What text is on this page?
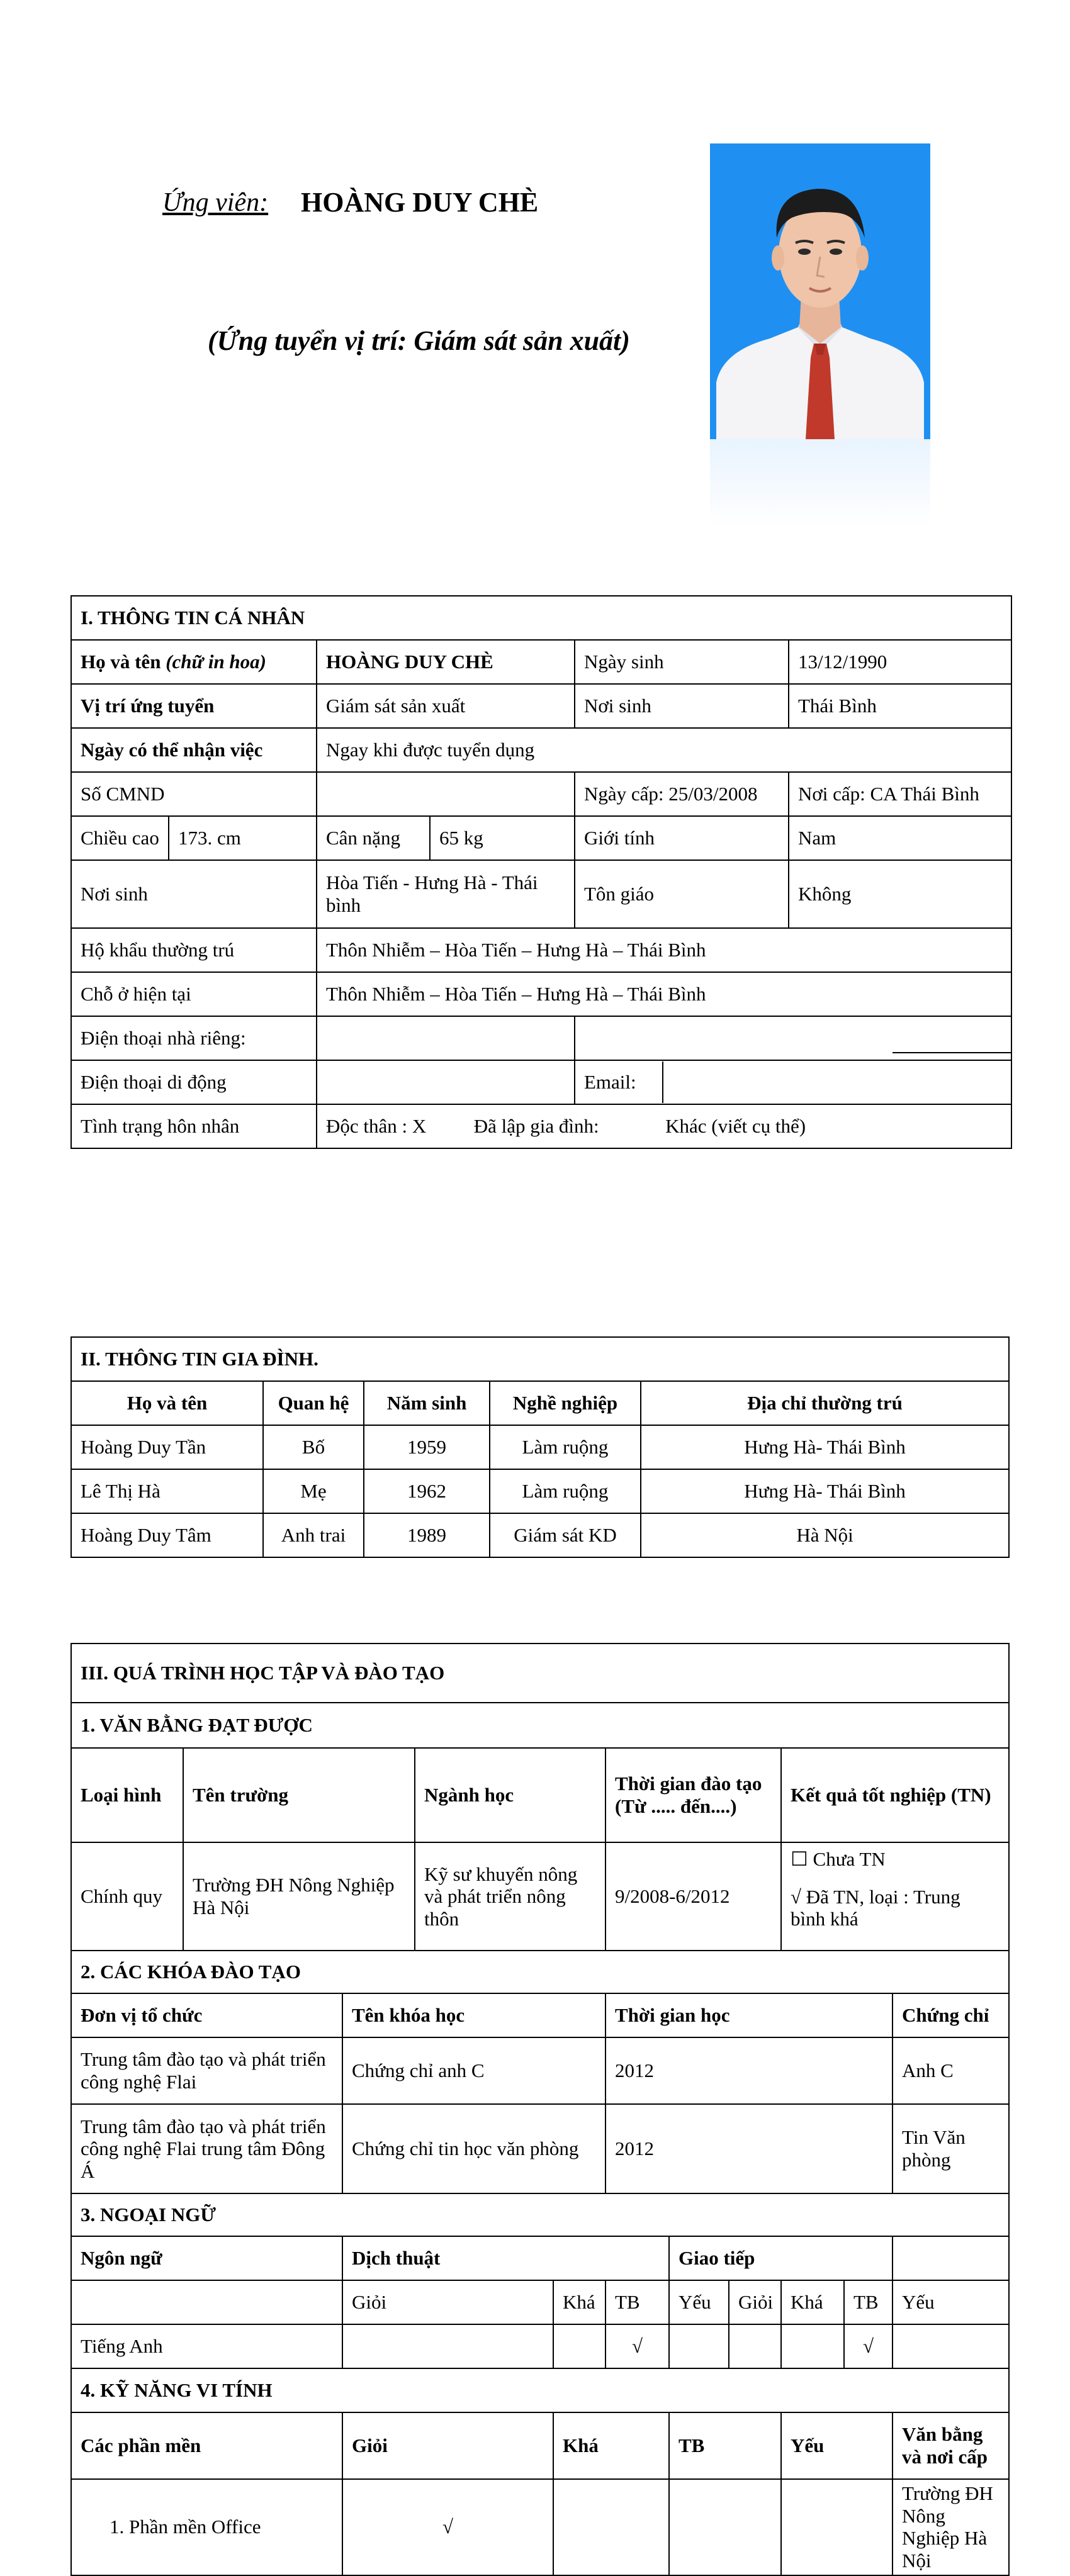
Ứng viên: HOÀNG DUY CHÈ
(Ứng tuyển vị trí: Giám sát sản xuất)
I. THÔNG TIN CÁ NHÂN					
Họ và tên (chữ in hoa)		HOÀNG DUY CHÈ		Ngày sinh	13/12/1990
Vị trí ứng tuyển		Giám sát sản xuất		Nơi sinh	Thái Bình
Ngày có thể nhận việc		Ngay khi được tuyển dụng			
Số CMND				Ngày cấp: 25/03/2008	Nơi cấp: CA Thái Bình
Chiều cao	173. cm	Cân nặng	65 kg	Giới tính	Nam
Nơi sinh		Hòa Tiến - Hưng Hà - Thái bình		Tôn giáo	Không
Hộ khẩu thường trú		Thôn Nhiễm – Hòa Tiến – Hưng Hà – Thái Bình			
Chỗ ở hiện tại		Thôn Nhiễm – Hòa Tiến – Hưng Hà – Thái Bình			
Điện thoại nhà riêng:					
Điện thoại di động				Email:	

Tình trạng hôn nhân		Độc thân : X Đã lập gia đình: Khác (viết cụ thể)			
II. THÔNG TIN GIA ĐÌNH.				
Họ và tên	Quan hệ	Năm sinh	Nghề nghiệp	Địa chỉ thường trú
Hoàng Duy Tần	Bố	1959	Làm ruộng	Hưng Hà- Thái Bình
Lê Thị Hà	Mẹ	1962	Làm ruộng	Hưng Hà- Thái Bình
Hoàng Duy Tâm	Anh trai	1989	Giám sát KD	Hà Nội
III. QUÁ TRÌNH HỌC TẬP VÀ ĐÀO TẠO										
1. VĂN BẰNG ĐẠT ĐƯỢC										
Loại hình	Tên trường		Ngành học		Thời gian đào tạo (Từ ..... đến....)			Kết quả tốt nghiệp (TN)		
Chính quy	Trường ĐH Nông Nghiệp Hà Nội		Kỹ sư khuyến nông và phát triển nông thôn		9/2008-6/2012			☐ Chưa TN
√ Đã TN, loại : Trung bình khá		

2. CÁC KHÓA ĐÀO TẠO										
Đơn vị tổ chức		Tên khóa học			Thời gian học					Chứng chỉ
Trung tâm đào tạo và phát triển công nghệ Flai		Chứng chỉ anh C			2012					Anh C
Trung tâm đào tạo và phát triển công nghệ Flai trung tâm Đông Á		Chứng chỉ tin học văn phòng			2012					Tin Văn phòng
3. NGOẠI NGỮ										
Ngôn ngữ		Dịch thuật				Giao tiếp				
		Giỏi		Khá	TB	Yếu	Giỏi	Khá	TB	Yếu
Tiếng Anh					√				√	
4. KỸ NĂNG VI TÍNH										
Các phần mền		Giỏi		Khá		TB		Yếu		Văn bằng và nơi cấp
1. Phần mền Office		√								Trường ĐH Nông Nghiệp Hà Nội
